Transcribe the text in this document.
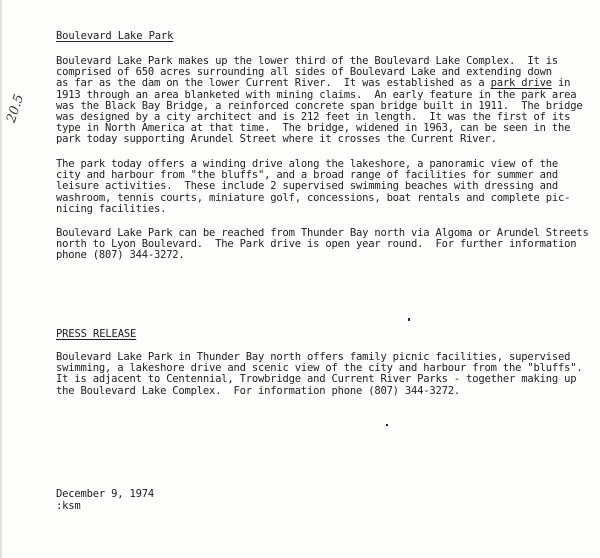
20.5
Boulevard Lake Park
Boulevard Lake Park makes up the lower third of the Boulevard Lake Complex.  It is
comprised of 650 acres surrounding all sides of Boulevard Lake and extending down
as far as the dam on the lower Current River.  It was established as a park drive in
1913 through an area blanketed with mining claims.  An early feature in the park area
was the Black Bay Bridge, a reinforced concrete span bridge built in 1911.  The bridge
was designed by a city architect and is 212 feet in length.  It was the first of its
type in North America at that time.  The bridge, widened in 1963, can be seen in the
park today supporting Arundel Street where it crosses the Current River.
The park today offers a winding drive along the lakeshore, a panoramic view of the
city and harbour from "the bluffs", and a broad range of facilities for summer and
leisure activities.  These include 2 supervised swimming beaches with dressing and
washroom, tennis courts, miniature golf, concessions, boat rentals and complete pic-
nicing facilities.
Boulevard Lake Park can be reached from Thunder Bay north via Algoma or Arundel Streets
north to Lyon Boulevard.  The Park drive is open year round.  For further information
phone (807) 344-3272.
PRESS RELEASE
Boulevard Lake Park in Thunder Bay north offers family picnic facilities, supervised
swimming, a lakeshore drive and scenic view of the city and harbour from the "bluffs".
It is adjacent to Centennial, Trowbridge and Current River Parks - together making up
the Boulevard Lake Complex.  For information phone (807) 344-3272.
December 9, 1974
:ksm
